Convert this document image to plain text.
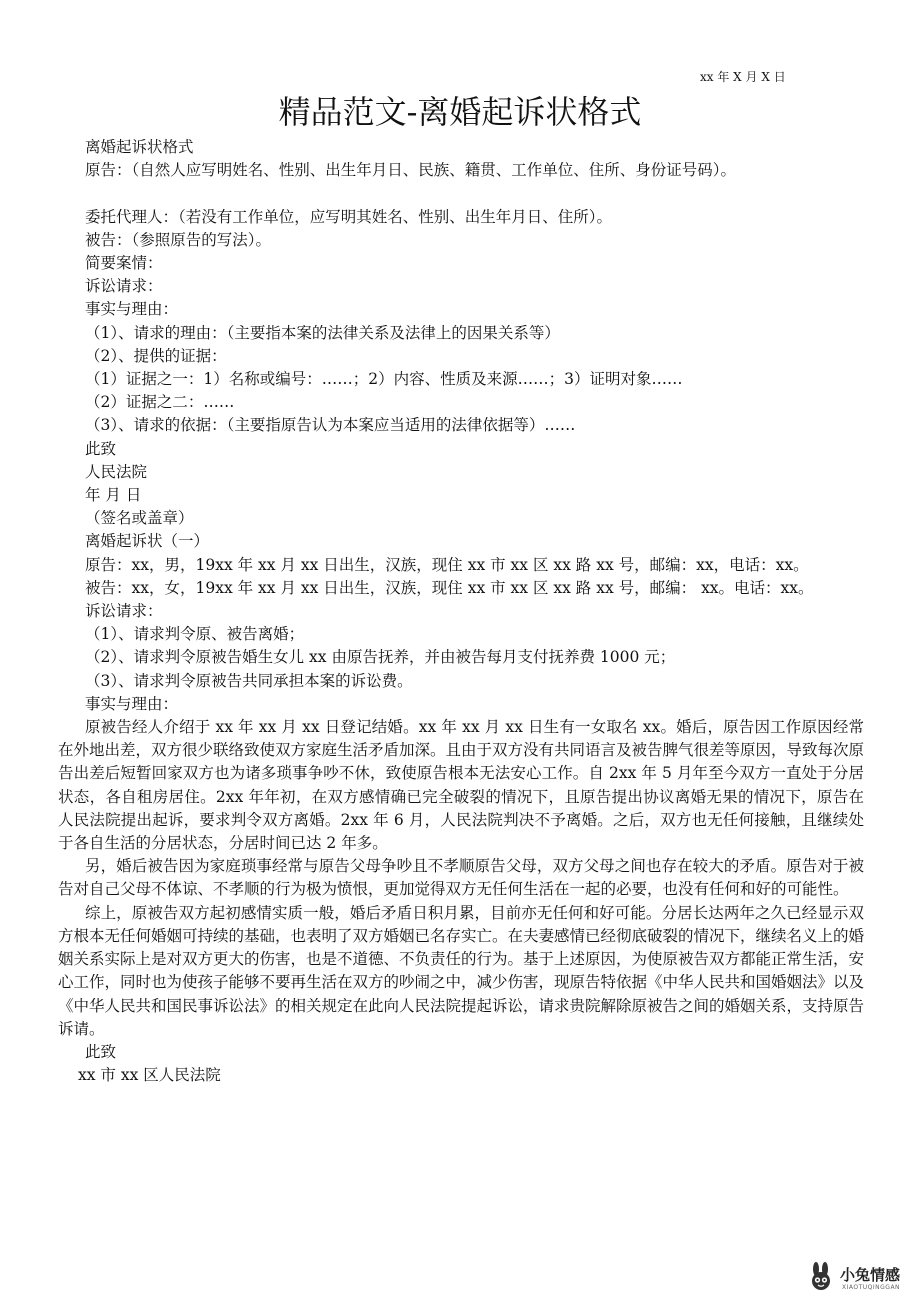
xx 年 X 月 X 日
精品范文-离婚起诉状格式

离婚起诉状格式

原告：（自然人应写明姓名、性别、出生年月日、民族、籍贯、工作单位、住所、身份证号码）。

委托代理人：（若没有工作单位，应写明其姓名、性别、出生年月日、住所）。

被告：（参照原告的写法）。

简要案情：

诉讼请求：

事实与理由：

（1）、请求的理由：（主要指本案的法律关系及法律上的因果关系等）

（2）、提供的证据：

（1）证据之一：1）名称或编号：……；2）内容、性质及来源……；3）证明对象……

（2）证据之二：……

（3）、请求的依据：（主要指原告认为本案应当适用的法律依据等）……

此致

人民法院

年 月 日

（签名或盖章）

离婚起诉状（一）

原告：xx，男，19xx 年 xx 月 xx 日出生，汉族，现住 xx 市 xx 区 xx 路 xx 号，邮编：xx，电话：xx。

被告：xx，女，19xx 年 xx 月 xx 日出生，汉族，现住 xx 市 xx 区 xx 路 xx 号，邮编： xx。电话：xx。

诉讼请求：

（1）、请求判令原、被告离婚；

（2）、请求判令原被告婚生女儿 xx 由原告抚养，并由被告每月支付抚养费 1000 元；

（3）、请求判令原被告共同承担本案的诉讼费。

事实与理由：

原被告经人介绍于 xx 年 xx 月 xx 日登记结婚。xx 年 xx 月 xx 日生有一女取名 xx。婚后，原告因工作原因经常在外地出差，双方很少联络致使双方家庭生活矛盾加深。且由于双方没有共同语言及被告脾气很差等原因，导致每次原告出差后短暂回家双方也为诸多琐事争吵不休，致使原告根本无法安心工作。自 2xx 年 5 月年至今双方一直处于分居状态，各自租房居住。2xx 年年初，在双方感情确已完全破裂的情况下，且原告提出协议离婚无果的情况下，原告在人民法院提出起诉，要求判令双方离婚。2xx 年 6 月，人民法院判决不予离婚。之后，双方也无任何接触，且继续处于各自生活的分居状态，分居时间已达 2 年多。

另，婚后被告因为家庭琐事经常与原告父母争吵且不孝顺原告父母，双方父母之间也存在较大的矛盾。原告对于被告对自己父母不体谅、不孝顺的行为极为愤恨，更加觉得双方无任何生活在一起的必要，也没有任何和好的可能性。

综上，原被告双方起初感情实质一般，婚后矛盾日积月累，目前亦无任何和好可能。分居长达两年之久已经显示双方根本无任何婚姻可持续的基础，也表明了双方婚姻已名存实亡。在夫妻感情已经彻底破裂的情况下，继续名义上的婚姻关系实际上是对双方更大的伤害，也是不道德、不负责任的行为。基于上述原因，为使原被告双方都能正常生活，安心工作，同时也为使孩子能够不要再生活在双方的吵闹之中，减少伤害，现原告特依据《中华人民共和国婚姻法》以及《中华人民共和国民事诉讼法》的相关规定在此向人民法院提起诉讼，请求贵院解除原被告之间的婚姻关系，支持原告诉请。

此致

xx 市 xx 区人民法院

小兔情感
XIAOTUQINGGAN
